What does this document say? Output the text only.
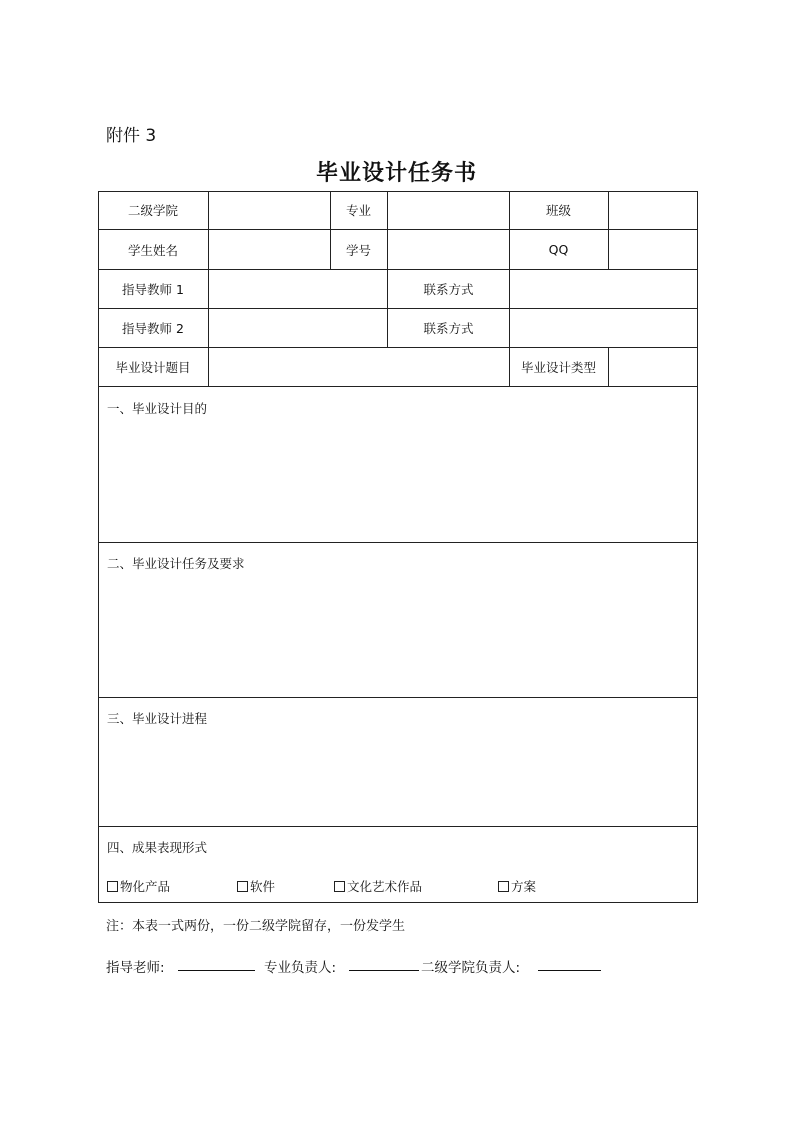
附件 3
毕业设计任务书
二级学院	专业	班级
学生姓名	学号	QQ
指导教师 1	联系方式
指导教师 2	联系方式
毕业设计题目	毕业设计类型
一、毕业设计目的
二、毕业设计任务及要求
三、毕业设计进程
四、成果表现形式
物化产品	软件	文化艺术作品	方案
注：本表一式两份，一份二级学院留存，一份发学生
指导老师:	专业负责人:	二级学院负责人:
